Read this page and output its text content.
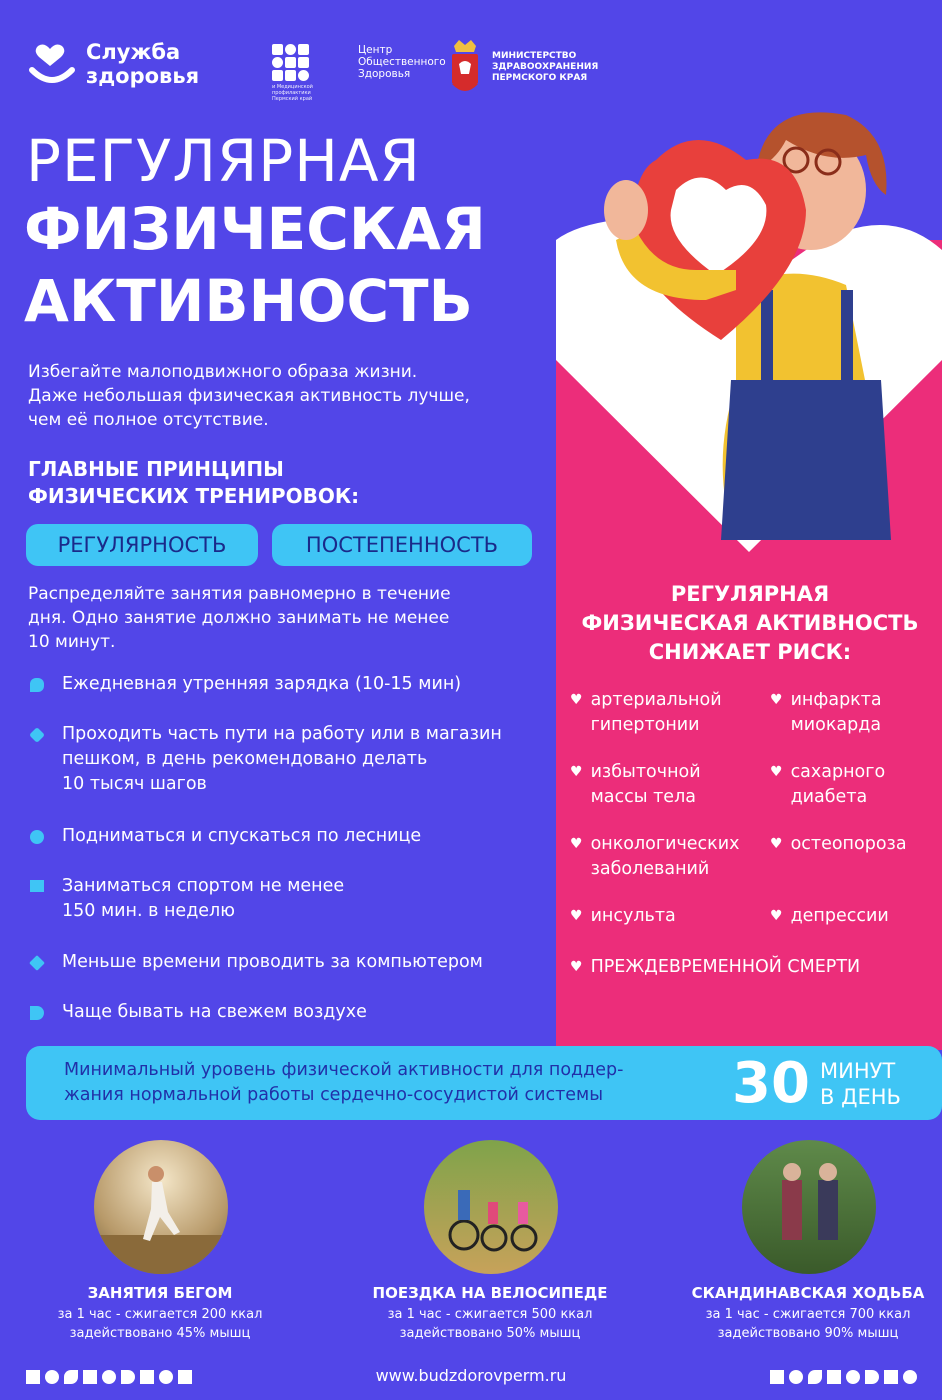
Служба
здоровья	и Медицинской профилактики
Пермский край
Центр
Общественного
Здоровья
МИНИСТЕРСТВО
ЗДРАВООХРАНЕНИЯ
ПЕРМСКОГО КРАЯ
РЕГУЛЯРНАЯ
ФИЗИЧЕСКАЯ
АКТИВНОСТЬ
Избегайте малоподвижного образа жизни.
Даже небольшая физическая активность лучше,
чем её полное отсутствие.
ГЛАВНЫЕ ПРИНЦИПЫ
ФИЗИЧЕСКИХ ТРЕНИРОВОК:
РЕГУЛЯРНОСТЬ	ПОСТЕПЕННОСТЬ
Распределяйте занятия равномерно в течение
дня. Одно занятие должно занимать не менее
10 минут.
Ежедневная утренняя зарядка (10-15 мин)
Проходить часть пути на работу или в магазин
пешком, в день рекомендовано делать
10 тысяч шагов
Подниматься и спускаться по леснице
Заниматься спортом не менее
150 мин. в неделю
Меньше времени проводить за компьютером
Чаще бывать на свежем воздухе
РЕГУЛЯРНАЯ
ФИЗИЧЕСКАЯ АКТИВНОСТЬ
СНИЖАЕТ РИСК:
♥ артериальной
гипертонии
♥ инфаркта
миокарда
♥ избыточной
массы тела
♥ сахарного
диабета
♥ онкологических
заболеваний
♥ остеопороза
♥ инсульта	♥ депрессии
♥ ПРЕЖДЕВРЕМЕННОЙ СМЕРТИ
Минимальный уровень физической активности для поддер-
жания нормальной работы сердечно-сосудистой системы	30 МИНУТ
В ДЕНЬ
ЗАНЯТИЯ БЕГОМ
за 1 час - сжигается 200 ккал
задействовано 45% мышц
ПОЕЗДКА НА ВЕЛОСИПЕДЕ
за 1 час - сжигается 500 ккал
задействовано 50% мышц
СКАНДИНАВСКАЯ ХОДЬБА
за 1 час - сжигается 700 ккал
задействовано 90% мышц
www.budzdorovperm.ru
